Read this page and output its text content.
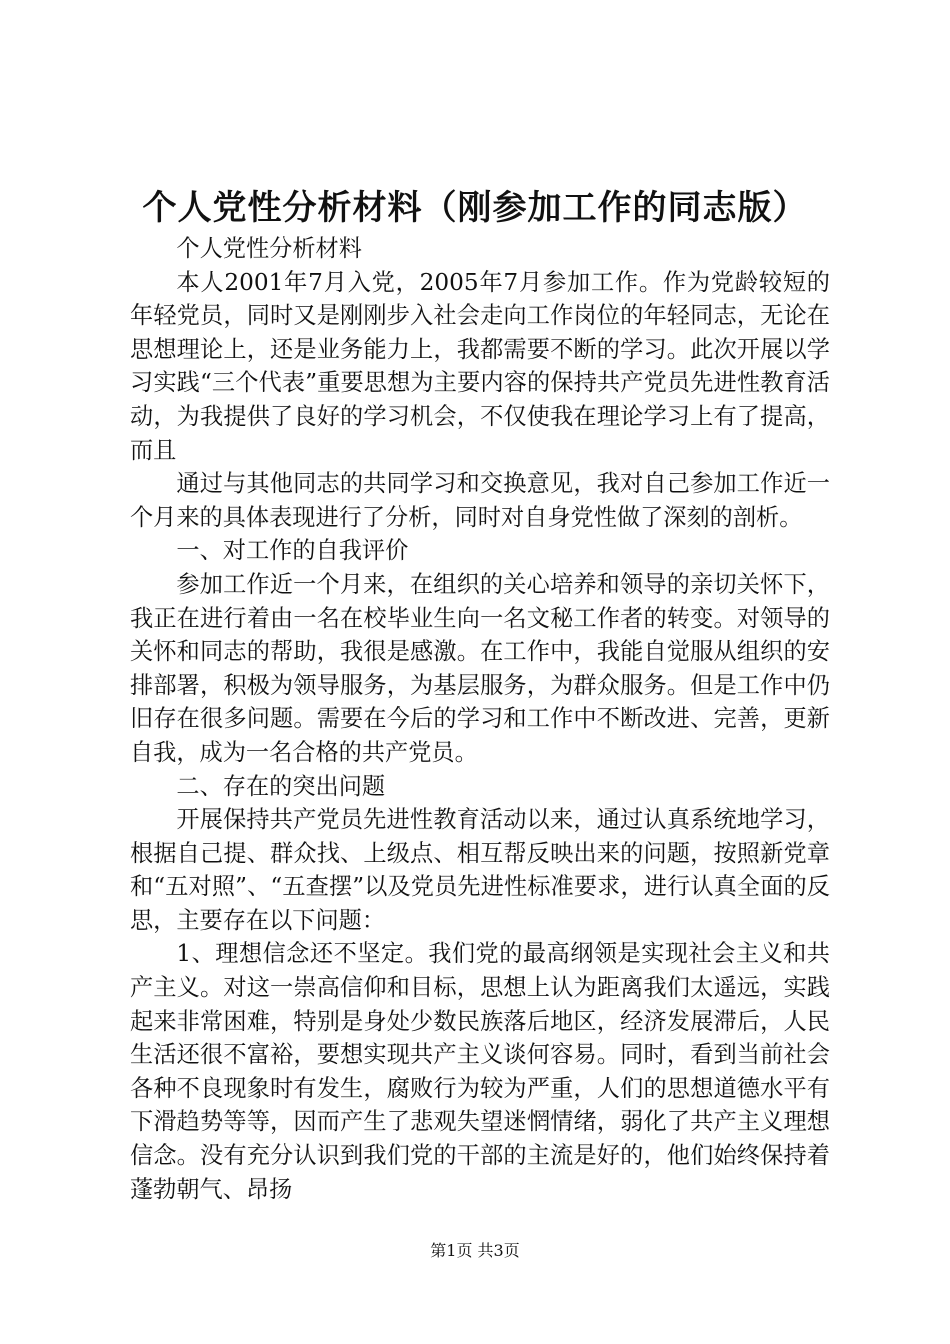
个人党性分析材料（刚参加工作的同志版）

个人党性分析材料

本人2001年7月入党，2005年7月参加工作。作为党龄较短的年轻党员，同时又是刚刚步入社会走向工作岗位的年轻同志，无论在思想理论上，还是业务能力上，我都需要不断的学习。此次开展以学习实践“三个代表”重要思想为主要内容的保持共产党员先进性教育活动，为我提供了良好的学习机会，不仅使我在理论学习上有了提高，而且

通过与其他同志的共同学习和交换意见，我对自己参加工作近一个月来的具体表现进行了分析，同时对自身党性做了深刻的剖析。

一、对工作的自我评价

参加工作近一个月来，在组织的关心培养和领导的亲切关怀下，我正在进行着由一名在校毕业生向一名文秘工作者的转变。对领导的关怀和同志的帮助，我很是感激。在工作中，我能自觉服从组织的安排部署，积极为领导服务，为基层服务，为群众服务。但是工作中仍旧存在很多问题。需要在今后的学习和工作中不断改进、完善，更新自我，成为一名合格的共产党员。

二、存在的突出问题

开展保持共产党员先进性教育活动以来，通过认真系统地学习，根据自己提、群众找、上级点、相互帮反映出来的问题，按照新党章和“五对照”、“五查摆”以及党员先进性标准要求，进行认真全面的反思，主要存在以下问题：

1、理想信念还不坚定。我们党的最高纲领是实现社会主义和共产主义。对这一崇高信仰和目标，思想上认为距离我们太遥远，实践起来非常困难，特别是身处少数民族落后地区，经济发展滞后，人民生活还很不富裕，要想实现共产主义谈何容易。同时，看到当前社会各种不良现象时有发生，腐败行为较为严重，人们的思想道德水平有下滑趋势等等，因而产生了悲观失望迷惘情绪，弱化了共产主义理想信念。没有充分认识到我们党的干部的主流是好的，他们始终保持着蓬勃朝气、昂扬

第1页 共3页
